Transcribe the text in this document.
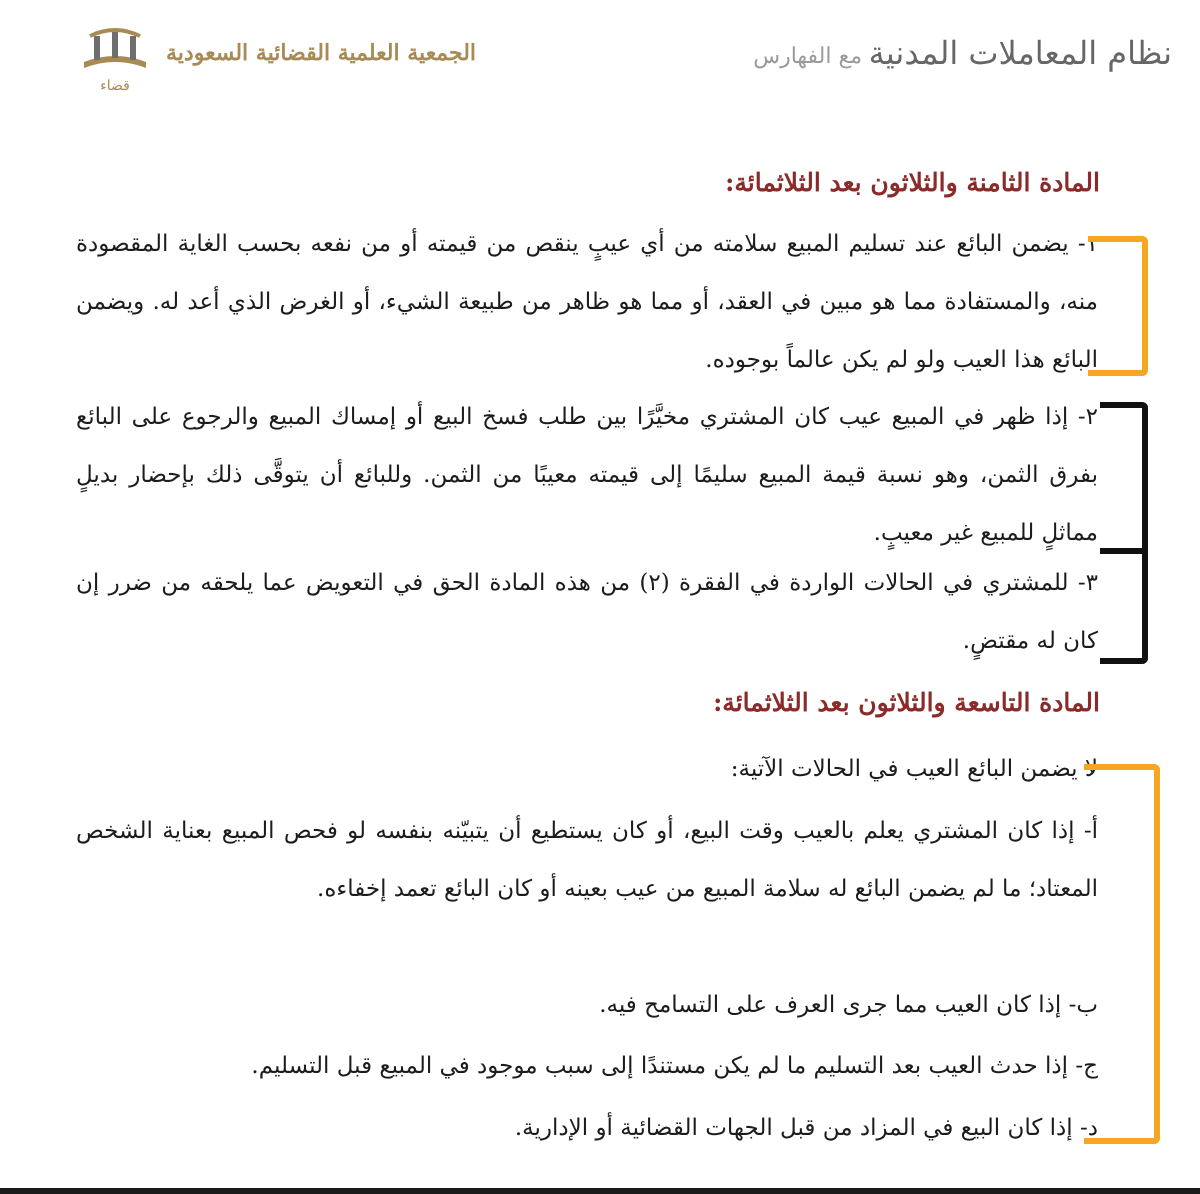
قضاء
الجمعية العلمية القضائية السعودية	نظام المعاملات المدنية
مع الفهارس
المادة الثامنة والثلاثون بعد الثلاثمائة:
١- يضمن البائع عند تسليم المبيع سلامته من أي عيبٍ ينقص من قيمته أو من نفعه بحسب الغاية المقصودة منه، والمستفادة مما هو مبين في العقد، أو مما هو ظاهر من طبيعة الشيء، أو الغرض الذي أعد له. ويضمن البائع هذا العيب ولو لم يكن عالماً بوجوده.
٢- إذا ظهر في المبيع عيب كان المشتري مخيَّرًا بين طلب فسخ البيع أو إمساك المبيع والرجوع على البائع بفرق الثمن، وهو نسبة قيمة المبيع سليمًا إلى قيمته معيبًا من الثمن. وللبائع أن يتوقَّى ذلك بإحضار بديلٍ مماثلٍ للمبيع غير معيبٍ.
٣- للمشتري في الحالات الواردة في الفقرة (٢) من هذه المادة الحق في التعويض عما يلحقه من ضرر إن كان له مقتضٍ.
المادة التاسعة والثلاثون بعد الثلاثمائة:
لا يضمن البائع العيب في الحالات الآتية:
أ- إذا كان المشتري يعلم بالعيب وقت البيع، أو كان يستطيع أن يتبيّنه بنفسه لو فحص المبيع بعناية الشخص المعتاد؛ ما لم يضمن البائع له سلامة المبيع من عيب بعينه أو كان البائع تعمد إخفاءه.
ب- إذا كان العيب مما جرى العرف على التسامح فيه.
ج- إذا حدث العيب بعد التسليم ما لم يكن مستندًا إلى سبب موجود في المبيع قبل التسليم.
د- إذا كان البيع في المزاد من قبل الجهات القضائية أو الإدارية.
